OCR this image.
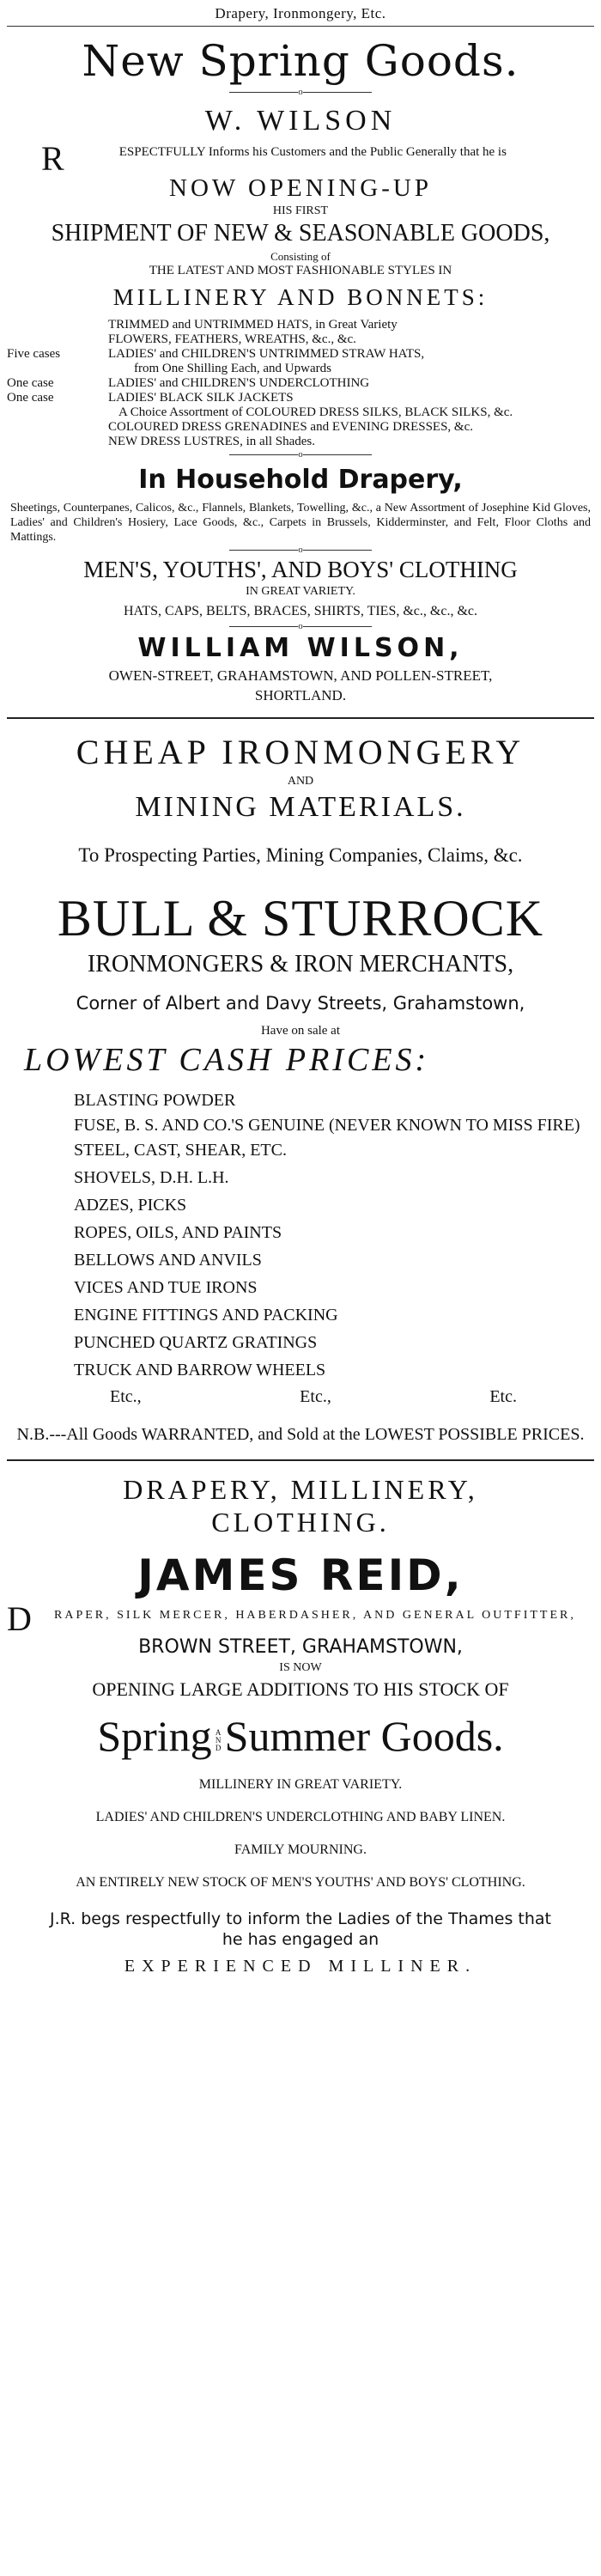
Drapery, Ironmongery, Etc.
New Spring Goods.
o
W. WILSON
R	ESPECTFULLY Informs his Customers and the Public Generally that he is
NOW OPENING-UP
HIS FIRST
SHIPMENT OF NEW & SEASONABLE GOODS,
Consisting of
THE LATEST AND MOST FASHIONABLE STYLES IN
MILLINERY AND BONNETS:
TRIMMED and UNTRIMMED HATS, in Great Variety
FLOWERS, FEATHERS, WREATHS, &c., &c.
Five cases	LADIES' and CHILDREN'S UNTRIMMED STRAW HATS,
from One Shilling Each, and Upwards
One case	LADIES' and CHILDREN'S UNDERCLOTHING
One case	LADIES' BLACK SILK JACKETS
A Choice Assortment of COLOURED DRESS SILKS, BLACK SILKS, &c.
COLOURED DRESS GRENADINES and EVENING DRESSES, &c.
NEW DRESS LUSTRES, in all Shades.
o
In Household Drapery,
Sheetings, Counterpanes, Calicos, &c., Flannels, Blankets, Towelling, &c., a New Assortment of Josephine Kid Gloves, Ladies' and Children's Hosiery, Lace Goods, &c., Carpets in Brussels, Kidderminster, and Felt, Floor Cloths and Mattings.
o
MEN'S, YOUTHS', AND BOYS' CLOTHING
IN GREAT VARIETY.
HATS, CAPS, BELTS, BRACES, SHIRTS, TIES, &c., &c., &c.
o
WILLIAM WILSON,
OWEN-STREET, GRAHAMSTOWN, AND POLLEN-STREET,
SHORTLAND.
CHEAP IRONMONGERY
AND
MINING MATERIALS.
To Prospecting Parties, Mining Companies, Claims, &c.
BULL & STURROCK
IRONMONGERS & IRON MERCHANTS,
Corner of Albert and Davy Streets, Grahamstown,
Have on sale at
LOWEST CASH PRICES:
BLASTING POWDER
FUSE, B. S. AND CO.'S GENUINE (NEVER KNOWN TO MISS FIRE)
STEEL, CAST, SHEAR, ETC.
SHOVELS, D.H. L.H.
ADZES, PICKS
ROPES, OILS, AND PAINTS
BELLOWS AND ANVILS
VICES AND TUE IRONS
ENGINE FITTINGS AND PACKING
PUNCHED QUARTZ GRATINGS
TRUCK AND BARROW WHEELS
Etc.,	Etc.,	Etc.
N.B.---All Goods WARRANTED, and Sold at the LOWEST POSSIBLE PRICES.
DRAPERY, MILLINERY, CLOTHING.
JAMES REID,
D RAPER, SILK MERCER, HABERDASHER, AND GENERAL OUTFITTER,
BROWN STREET, GRAHAMSTOWN,
IS NOW
OPENING LARGE ADDITIONS TO HIS STOCK OF
Spring ANDSummer Goods.
MILLINERY IN GREAT VARIETY.
LADIES' AND CHILDREN'S UNDERCLOTHING AND BABY LINEN.
FAMILY MOURNING.
AN ENTIRELY NEW STOCK OF MEN'S YOUTHS' AND BOYS' CLOTHING.
J.R. begs respectfully to inform the Ladies of the Thames that he has engaged an
EXPERIENCED MILLINER.
